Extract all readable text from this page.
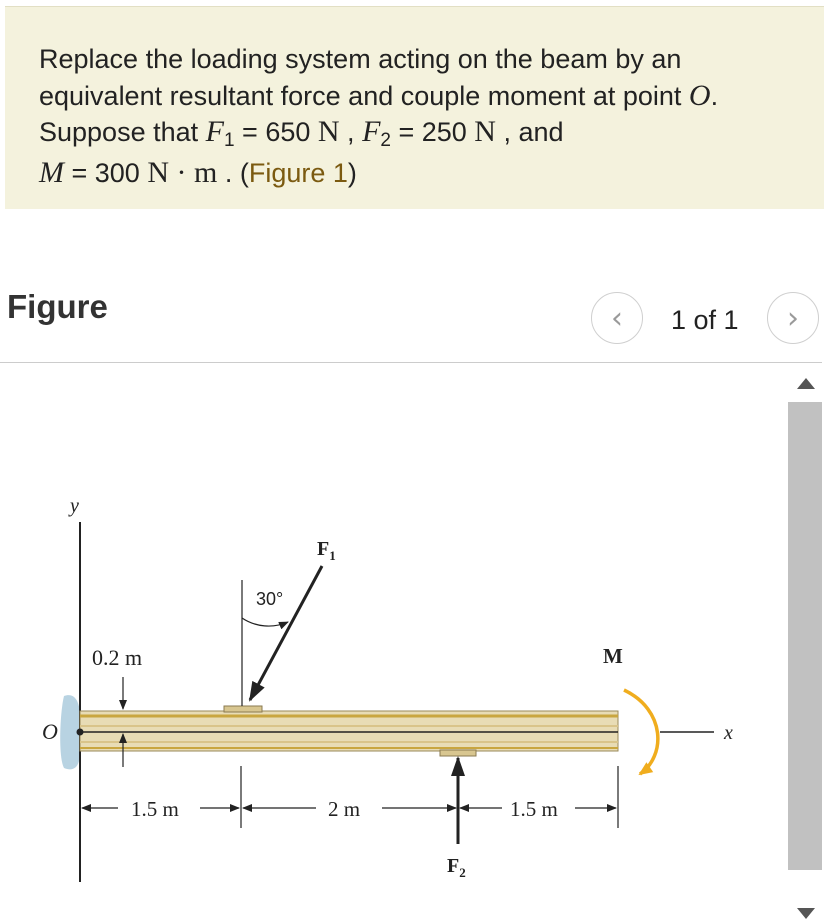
Replace the loading system acting on the beam by an
equivalent resultant force and couple moment at point O.
Suppose that F1 = 650 N , F2 = 250 N , and
M = 300 N · m . (Figure 1)
Figure	‹ 1 of 1 ›
y
x
O
0.2 m
30°
$F_1$
$F_2$
M
1.5 m	2 m	1.5 m
